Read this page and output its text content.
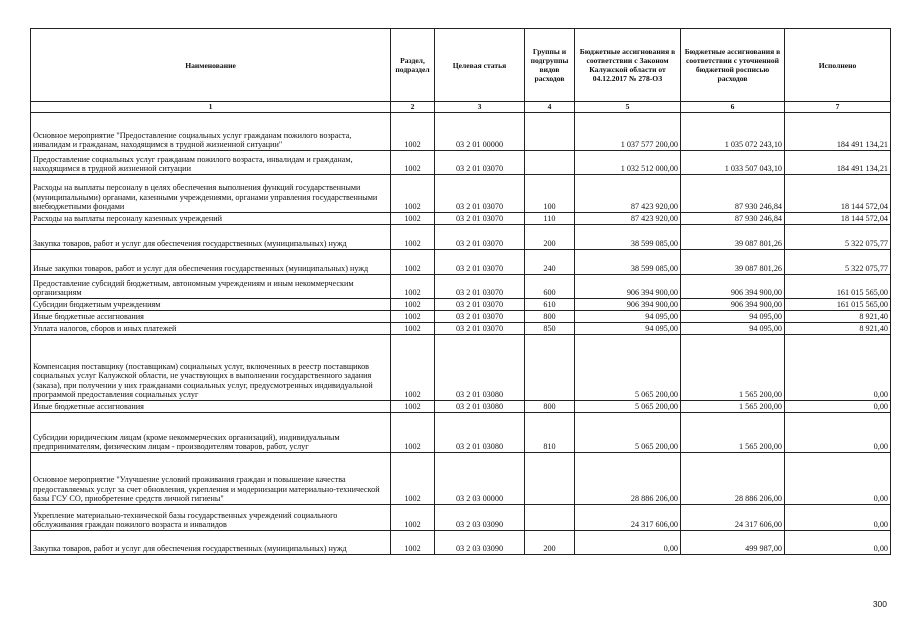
Наименование	Раздел, подраздел	Целевая статья	Группы и подгруппы видов расходов	Бюджетные ассигнования в соответствии с Законом Калужской области от 04.12.2017 № 278-ОЗ	Бюджетные ассигнования в соответствии с уточненной бюджетной росписью расходов	Исполнено
1	2	3	4	5	6	7
Основное мероприятие "Предоставление социальных услуг гражданам пожилого возраста, инвалидам и гражданам, находящимся в трудной жизненной ситуации"	1002	03 2 01 00000		1 037 577 200,00	1 035 072 243,10	184 491 134,21
Предоставление социальных услуг гражданам пожилого возраста, инвалидам и гражданам, находящимся в трудной жизненной ситуации	1002	03 2 01 03070		1 032 512 000,00	1 033 507 043,10	184 491 134,21
Расходы на выплаты персоналу в целях обеспечения выполнения функций государственными (муниципальными) органами, казенными учреждениями, органами управления государственными внебюджетными фондами	1002	03 2 01 03070	100	87 423 920,00	87 930 246,84	18 144 572,04
Расходы на выплаты персоналу казенных учреждений	1002	03 2 01 03070	110	87 423 920,00	87 930 246,84	18 144 572,04
Закупка товаров, работ и услуг для обеспечения государственных (муниципальных) нужд	1002	03 2 01 03070	200	38 599 085,00	39 087 801,26	5 322 075,77
Иные закупки товаров, работ и услуг для обеспечения государственных (муниципальных) нужд	1002	03 2 01 03070	240	38 599 085,00	39 087 801,26	5 322 075,77
Предоставление субсидий бюджетным, автономным учреждениям и иным некоммерческим организациям	1002	03 2 01 03070	600	906 394 900,00	906 394 900,00	161 015 565,00
Субсидии бюджетным учреждениям	1002	03 2 01 03070	610	906 394 900,00	906 394 900,00	161 015 565,00
Иные бюджетные ассигнования	1002	03 2 01 03070	800	94 095,00	94 095,00	8 921,40
Уплата налогов, сборов и иных платежей	1002	03 2 01 03070	850	94 095,00	94 095,00	8 921,40
Компенсация поставщику (поставщикам) социальных услуг, включенных в реестр поставщиков социальных услуг Калужской области, не участвующих в выполнении государственного задания (заказа), при получении у них гражданами социальных услуг, предусмотренных индивидуальной программой предоставления социальных услуг	1002	03 2 01 03080		5 065 200,00	1 565 200,00	0,00
Иные бюджетные ассигнования	1002	03 2 01 03080	800	5 065 200,00	1 565 200,00	0,00
Субсидии юридическим лицам (кроме некоммерческих организаций), индивидуальным предпринимателям, физическим лицам - производителям товаров, работ, услуг	1002	03 2 01 03080	810	5 065 200,00	1 565 200,00	0,00
Основное мероприятие "Улучшение условий проживания граждан и повышение качества предоставляемых услуг за счет обновления, укрепления и модернизации материально-технической базы ГСУ СО, приобретение средств личной гигиены"	1002	03 2 03 00000		28 886 206,00	28 886 206,00	0,00
Укрепление материально-технической базы государственных учреждений социального обслуживания граждан пожилого возраста и инвалидов	1002	03 2 03 03090		24 317 606,00	24 317 606,00	0,00
Закупка товаров, работ и услуг для обеспечения государственных (муниципальных) нужд	1002	03 2 03 03090	200	0,00	499 987,00	0,00
300
